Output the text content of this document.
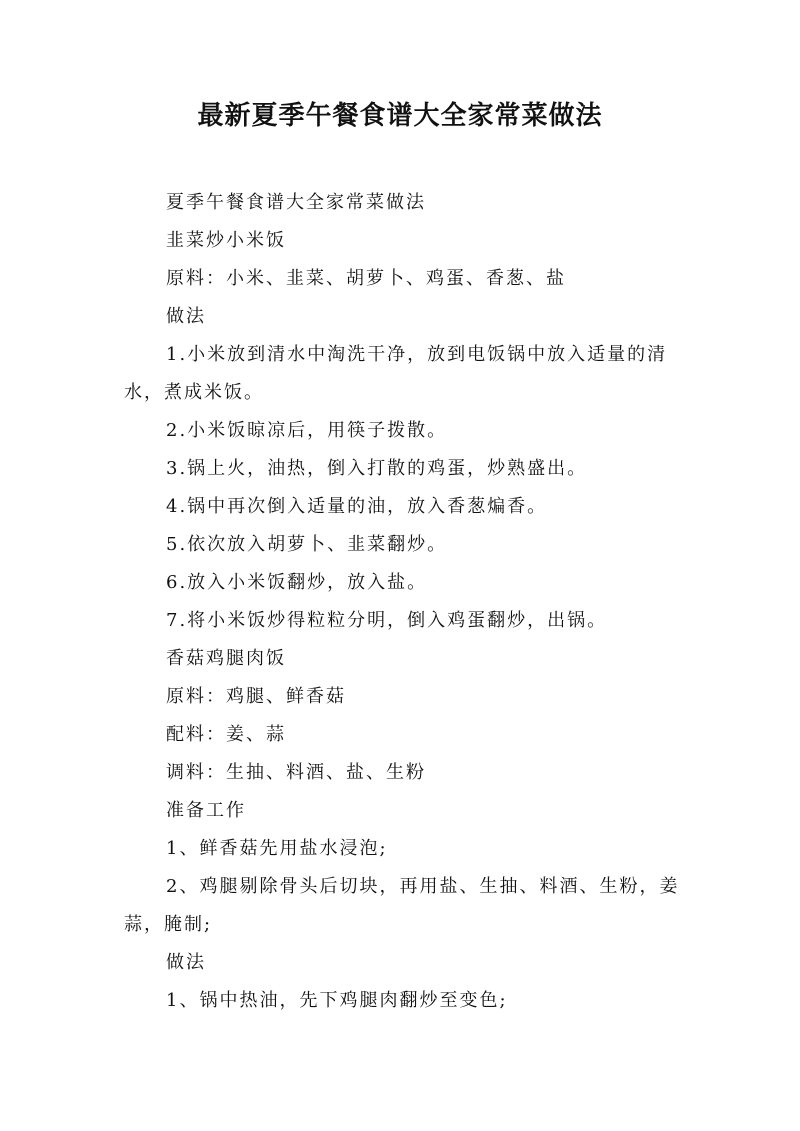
最新夏季午餐食谱大全家常菜做法

夏季午餐食谱大全家常菜做法

韭菜炒小米饭

原料：小米、韭菜、胡萝卜、鸡蛋、香葱、盐

做法

1.小米放到清水中淘洗干净，放到电饭锅中放入适量的清水，煮成米饭。

2.小米饭晾凉后，用筷子拨散。

3.锅上火，油热，倒入打散的鸡蛋，炒熟盛出。

4.锅中再次倒入适量的油，放入香葱煸香。

5.依次放入胡萝卜、韭菜翻炒。

6.放入小米饭翻炒，放入盐。

7.将小米饭炒得粒粒分明，倒入鸡蛋翻炒，出锅。

香菇鸡腿肉饭

原料：鸡腿、鲜香菇

配料：姜、蒜

调料：生抽、料酒、盐、生粉

准备工作

1、鲜香菇先用盐水浸泡;

2、鸡腿剔除骨头后切块，再用盐、生抽、料酒、生粉，姜蒜，腌制;

做法

1、锅中热油，先下鸡腿肉翻炒至变色;
